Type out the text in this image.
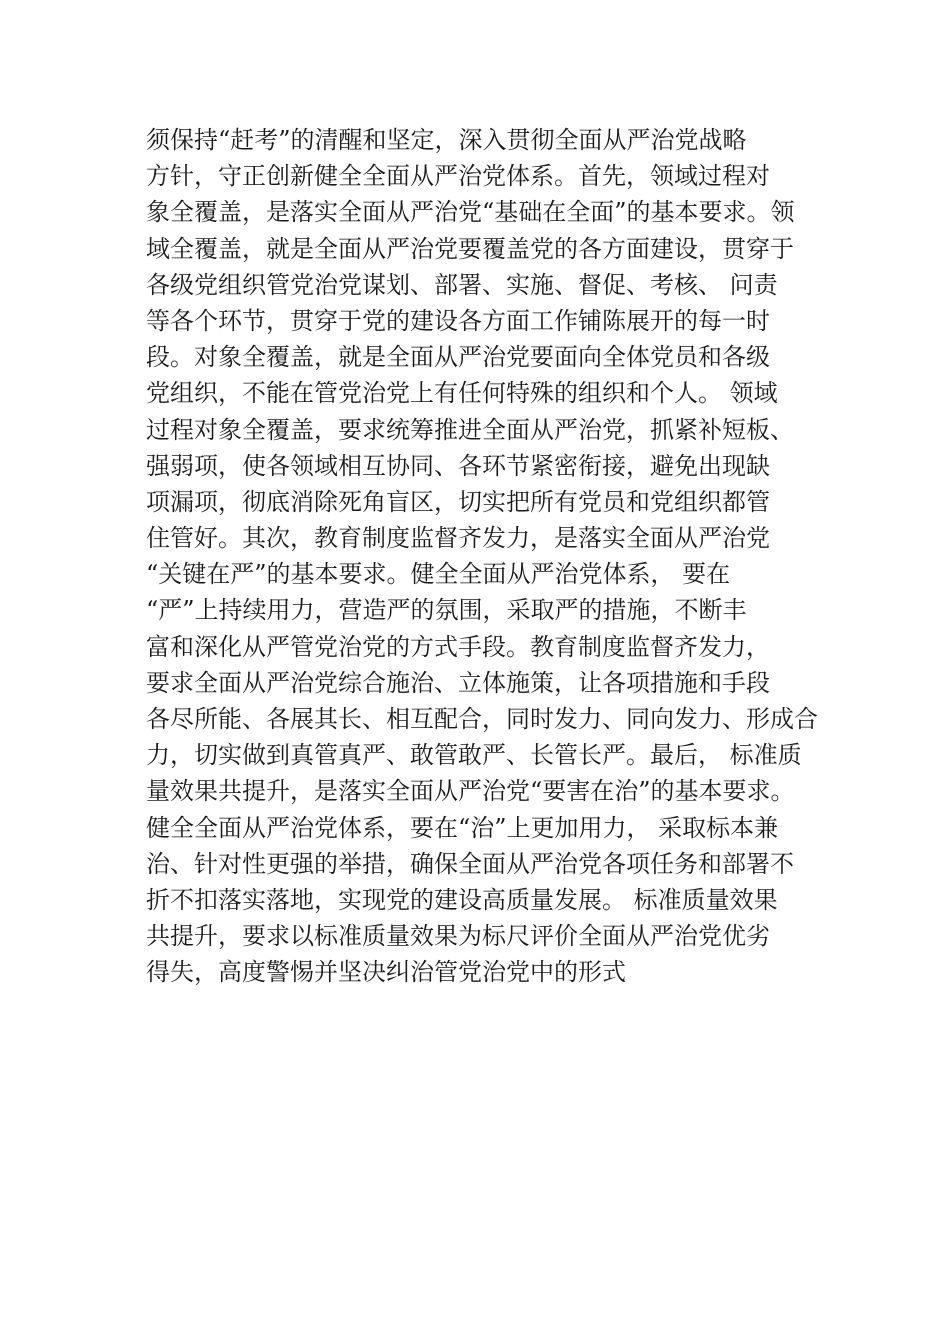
须保持“赶考”的清醒和坚定，深入贯彻全面从严治党战略
方针，守正创新健全全面从严治党体系。首先，领域过程对
象全覆盖，是落实全面从严治党“基础在全面”的基本要求。领
域全覆盖，就是全面从严治党要覆盖党的各方面建设，贯穿于
各级党组织管党治党谋划、部署、实施、督促、考核、 问责
等各个环节，贯穿于党的建设各方面工作铺陈展开的每一时
段。对象全覆盖，就是全面从严治党要面向全体党员和各级
党组织，不能在管党治党上有任何特殊的组织和个人。 领域
过程对象全覆盖，要求统筹推进全面从严治党，抓紧补短板、
强弱项，使各领域相互协同、各环节紧密衔接，避免出现缺
项漏项，彻底消除死角盲区，切实把所有党员和党组织都管
住管好。其次，教育制度监督齐发力，是落实全面从严治党
“关键在严”的基本要求。健全全面从严治党体系， 要在
“严”上持续用力，营造严的氛围，采取严的措施，不断丰
富和深化从严管党治党的方式手段。教育制度监督齐发力，
要求全面从严治党综合施治、立体施策，让各项措施和手段
各尽所能、各展其长、相互配合，同时发力、同向发力、形成合
力，切实做到真管真严、敢管敢严、长管长严。最后， 标准质
量效果共提升，是落实全面从严治党“要害在治”的基本要求。
健全全面从严治党体系，要在“治”上更加用力， 采取标本兼
治、针对性更强的举措，确保全面从严治党各项任务和部署不
折不扣落实落地，实现党的建设高质量发展。 标准质量效果
共提升，要求以标准质量效果为标尺评价全面从严治党优劣
得失，高度警惕并坚决纠治管党治党中的形式
